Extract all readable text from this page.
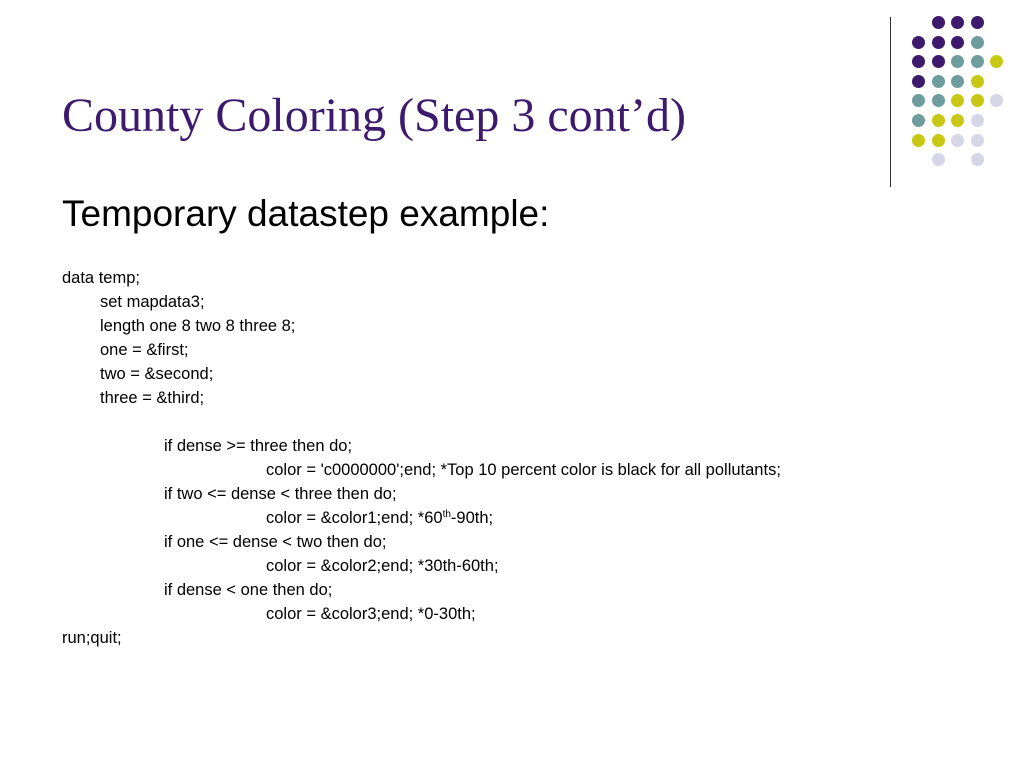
County Coloring (Step 3 cont’d)
Temporary datastep example:
data temp;
set mapdata3;
length one 8 two 8 three 8;
one = &first;
two = &second;
three = &third;
if dense >= three then do;
color = 'c0000000';end; *Top 10 percent color is black for all pollutants;
if two <= dense < three then do;
color = &color1;end; *60th-90th;
if one <= dense < two then do;
color = &color2;end; *30th-60th;
if dense < one then do;
color = &color3;end; *0-30th;
run;quit;
